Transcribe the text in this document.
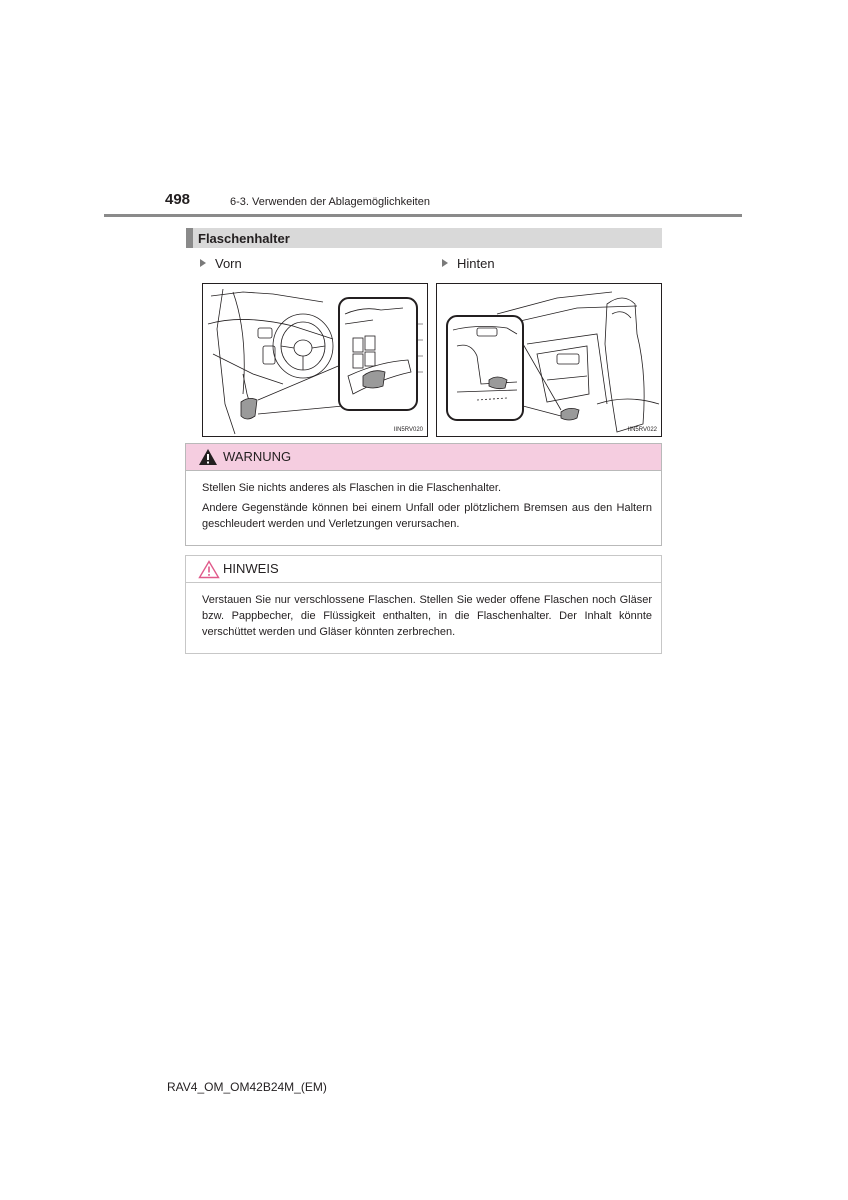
498	6-3. Verwenden der Ablagemöglichkeiten
Flaschenhalter
Vorn	Hinten
IIN5RV020	IIN5RV022
WARNUNG

Stellen Sie nichts anderes als Flaschen in die Flaschenhalter.

Andere Gegenstände können bei einem Unfall oder plötzlichem Bremsen aus den Haltern geschleudert werden und Verletzungen verursachen.

HINWEIS

Verstauen Sie nur verschlossene Flaschen. Stellen Sie weder offene Flaschen noch Gläser bzw. Pappbecher, die Flüssigkeit enthalten, in die Flaschenhalter. Der Inhalt könnte verschüttet werden und Gläser könnten zerbrechen.

RAV4_OM_OM42B24M_(EM)
